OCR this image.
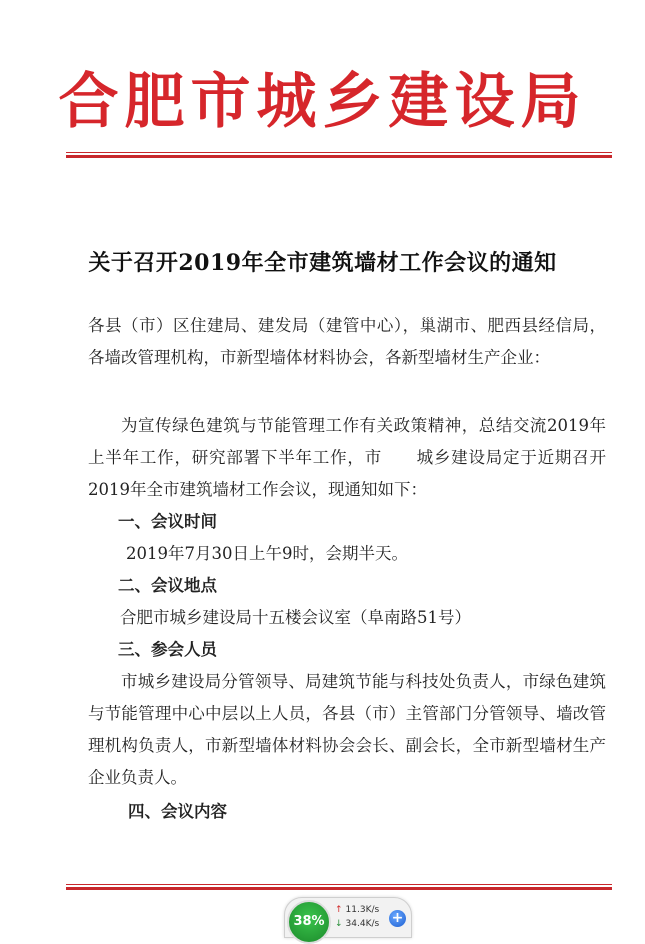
合肥市城乡建设局
关于召开2019年全市建筑墙材工作会议的通知

各县（市）区住建局、建发局（建管中心），巢湖市、肥西县经信局，各墙改管理机构，市新型墙体材料协会，各新型墙材生产企业：

为宣传绿色建筑与节能管理工作有关政策精神，总结交流2019年上半年工作，研究部署下半年工作，市　　城乡建设局定于近期召开2019年全市建筑墙材工作会议，现通知如下：

一、会议时间

2019年7月30日上午9时，会期半天。

二、会议地点

合肥市城乡建设局十五楼会议室（阜南路51号）

三、参会人员

市城乡建设局分管领导、局建筑节能与科技处负责人，市绿色建筑与节能管理中心中层以上人员，各县（市）主管部门分管领导、墙改管理机构负责人，市新型墙体材料协会会长、副会长，全市新型墙材生产企业负责人。

四、会议内容

38%
↑ 11.3K/s
↓ 34.4K/s +
